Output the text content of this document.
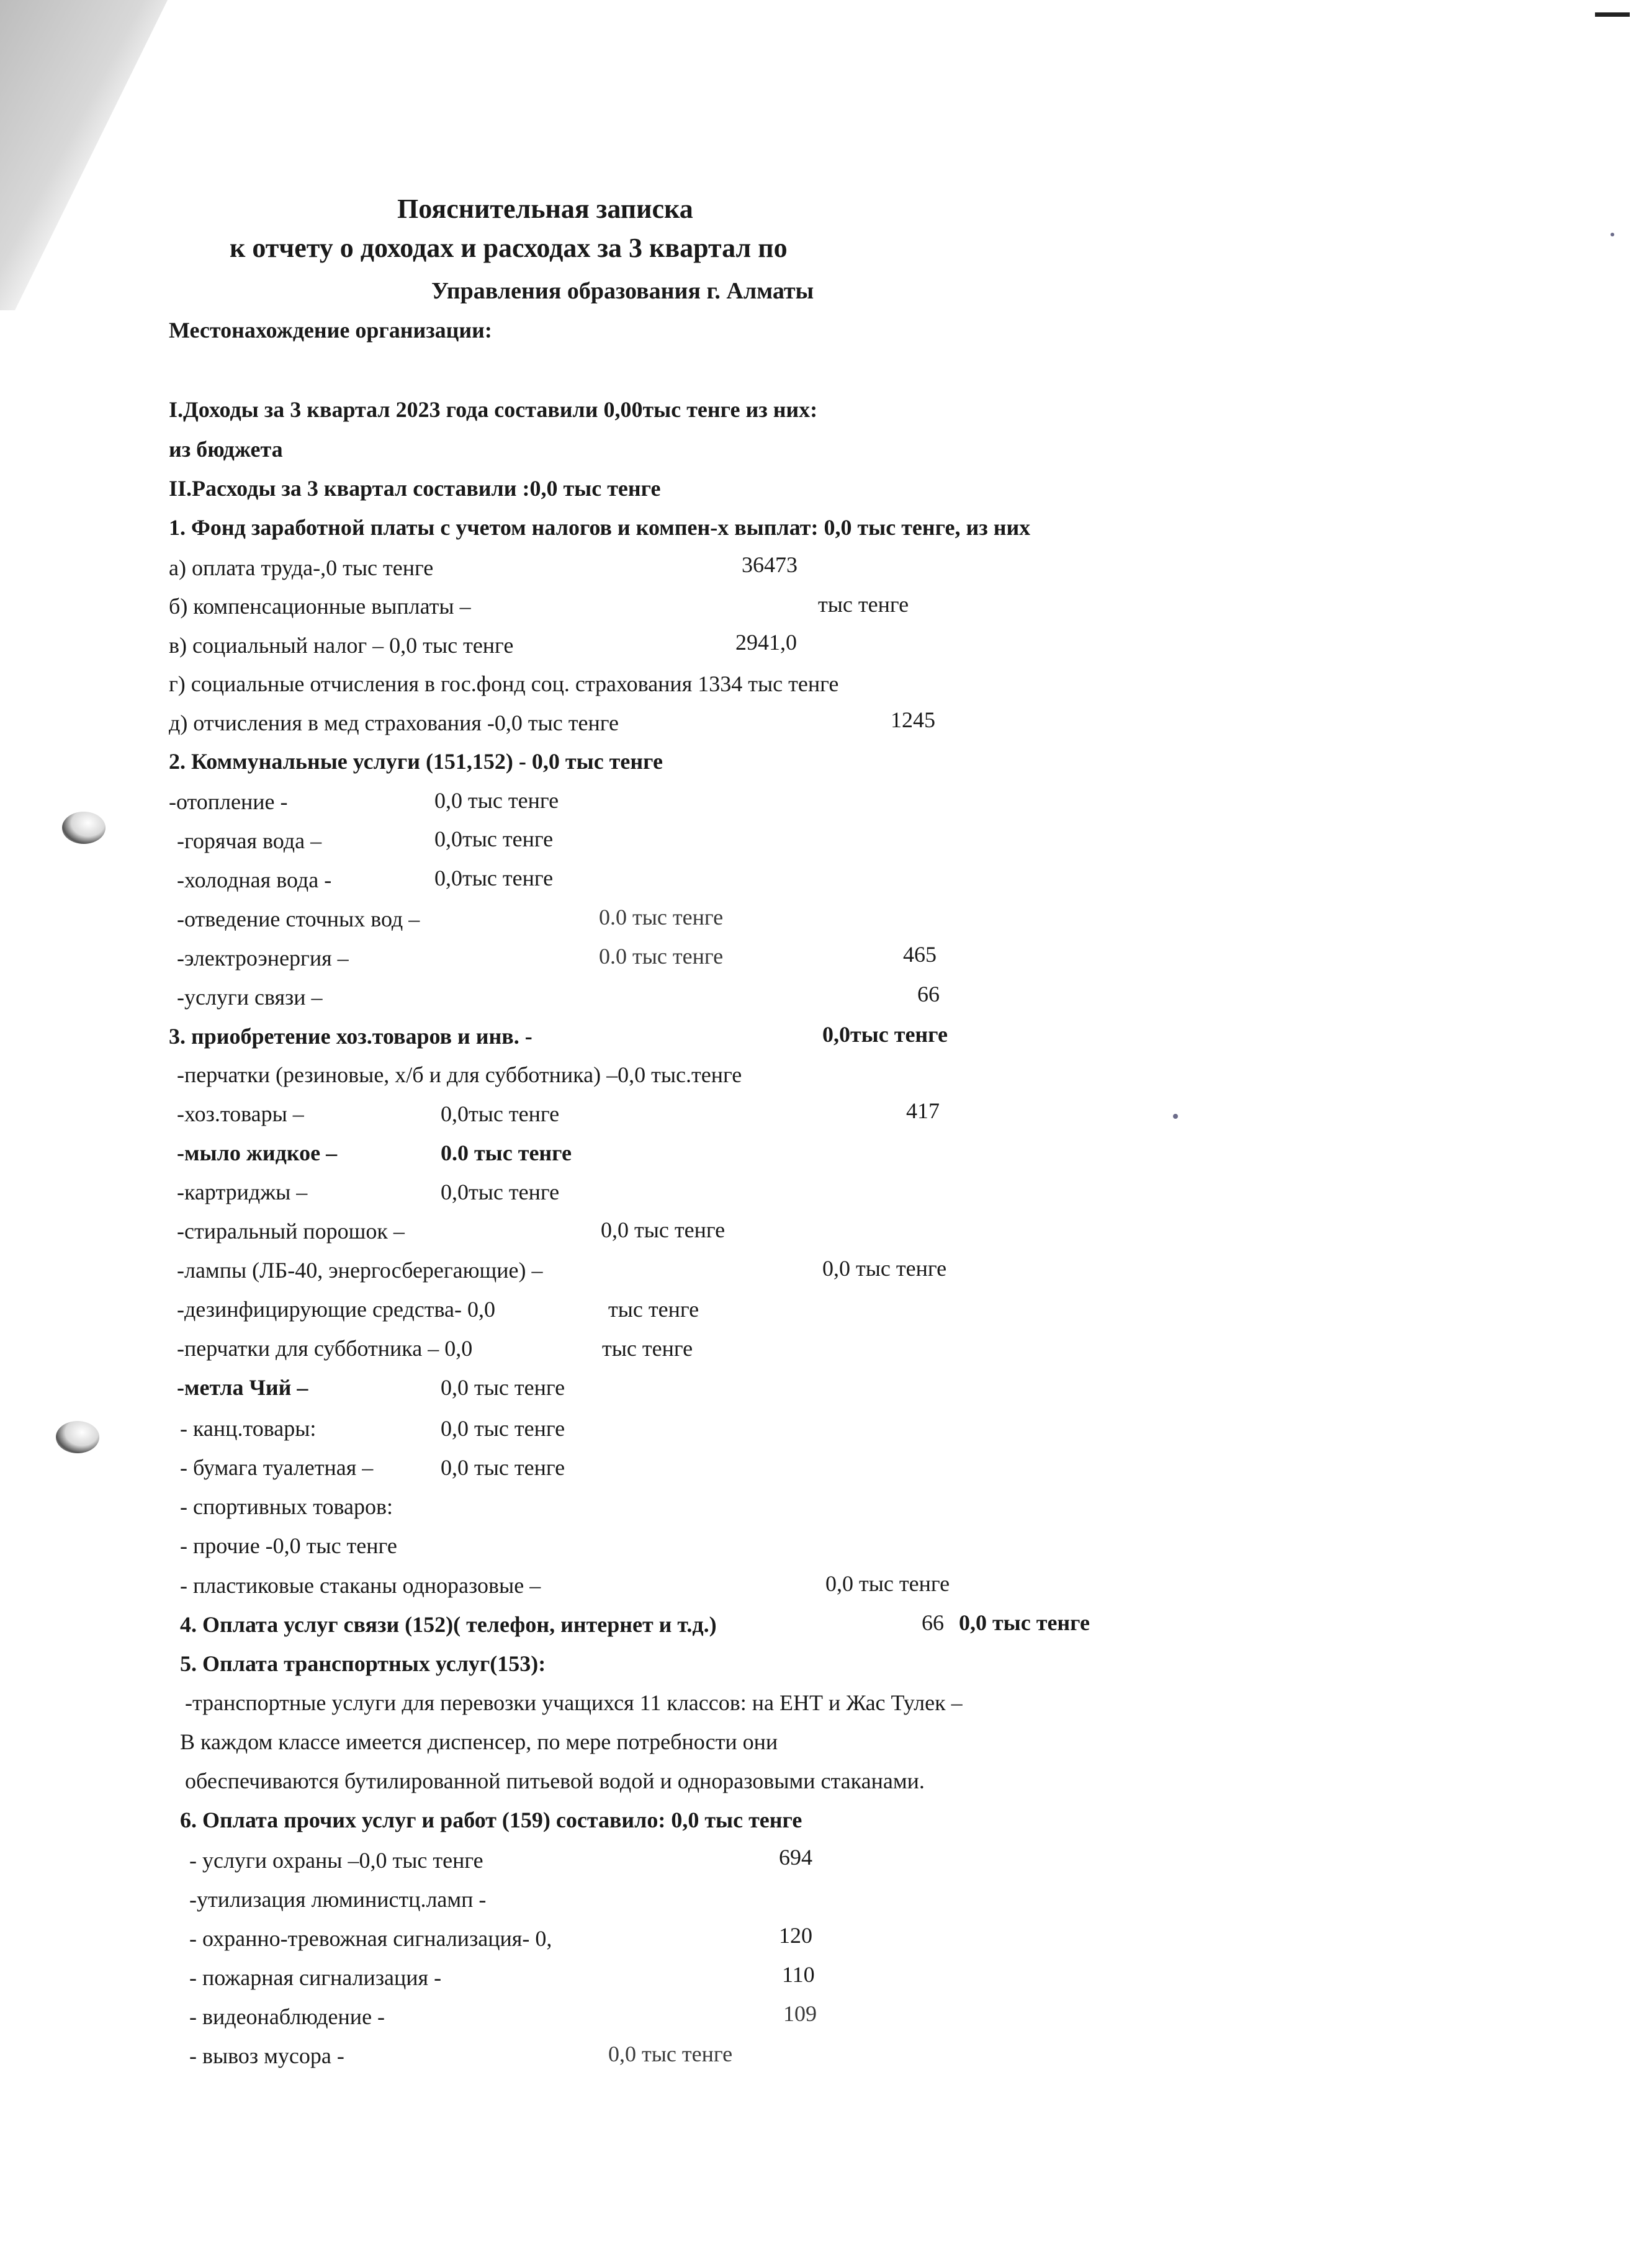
Пояснительная записка
к отчету о доходах и расходах за 3 квартал по
Управления образования г. Алматы
Местонахождение организации:
I.Доходы за 3 квартал 2023 года составили 0,00тыс тенге из них:
из бюджета
II.Расходы за 3 квартал составили :0,0 тыс тенге
1. Фонд заработной платы с учетом налогов и компен-х выплат: 0,0 тыс тенге, из них
а) оплата труда-,0 тыс тенге	36473
б) компенсационные выплаты –	тыс тенге
в) социальный налог – 0,0 тыс тенге	2941,0
г) социальные отчисления в гос.фонд соц. страхования 1334 тыс тенге
д) отчисления в мед страхования -0,0 тыс тенге	1245
2. Коммунальные услуги (151,152) - 0,0 тыс тенге
-отопление -	0,0 тыс тенге
-горячая вода –	0,0тыс тенге
-холодная вода -	0,0тыс тенге
-отведение сточных вод –	0.0 тыс тенге
-электроэнергия –	0.0 тыс тенге	465
-услуги связи –	66
3. приобретение хоз.товаров и инв. -	0,0тыс тенге
-перчатки (резиновые, х/б и для субботника) –0,0 тыс.тенге
-хоз.товары –	0,0тыс тенге	417
-мыло жидкое –	0.0 тыс тенге
-картриджы –	0,0тыс тенге
-стиральный порошок –	0,0 тыс тенге
-лампы (ЛБ-40, энергосберегающие) –	0,0 тыс тенге
-дезинфицирующие средства- 0,0	тыс тенге
-перчатки для субботника – 0,0	тыс тенге
-метла Чий –	0,0 тыс тенге
- канц.товары:	0,0 тыс тенге
- бумага туалетная –	0,0 тыс тенге
- спортивных товаров:
- прочие -0,0 тыс тенге
- пластиковые стаканы одноразовые –	0,0 тыс тенге
4. Оплата услуг связи (152)( телефон, интернет и т.д.)	66 0,0 тыс тенге
5. Оплата транспортных услуг(153):
-транспортные услуги для перевозки учащихся 11 классов: на ЕНТ и Жас Тулек –
В каждом классе имеется диспенсер, по мере потребности они
обеспечиваются бутилированной питьевой водой и одноразовыми стаканами.
6. Оплата прочих услуг и работ (159) составило: 0,0 тыс тенге
- услуги охраны –0,0 тыс тенге	694
-утилизация люминистц.ламп -
- охранно-тревожная сигнализация- 0,	120
- пожарная сигнализация -	110
- видеонаблюдение -	109
- вывоз мусора -	0,0 тыс тенге
